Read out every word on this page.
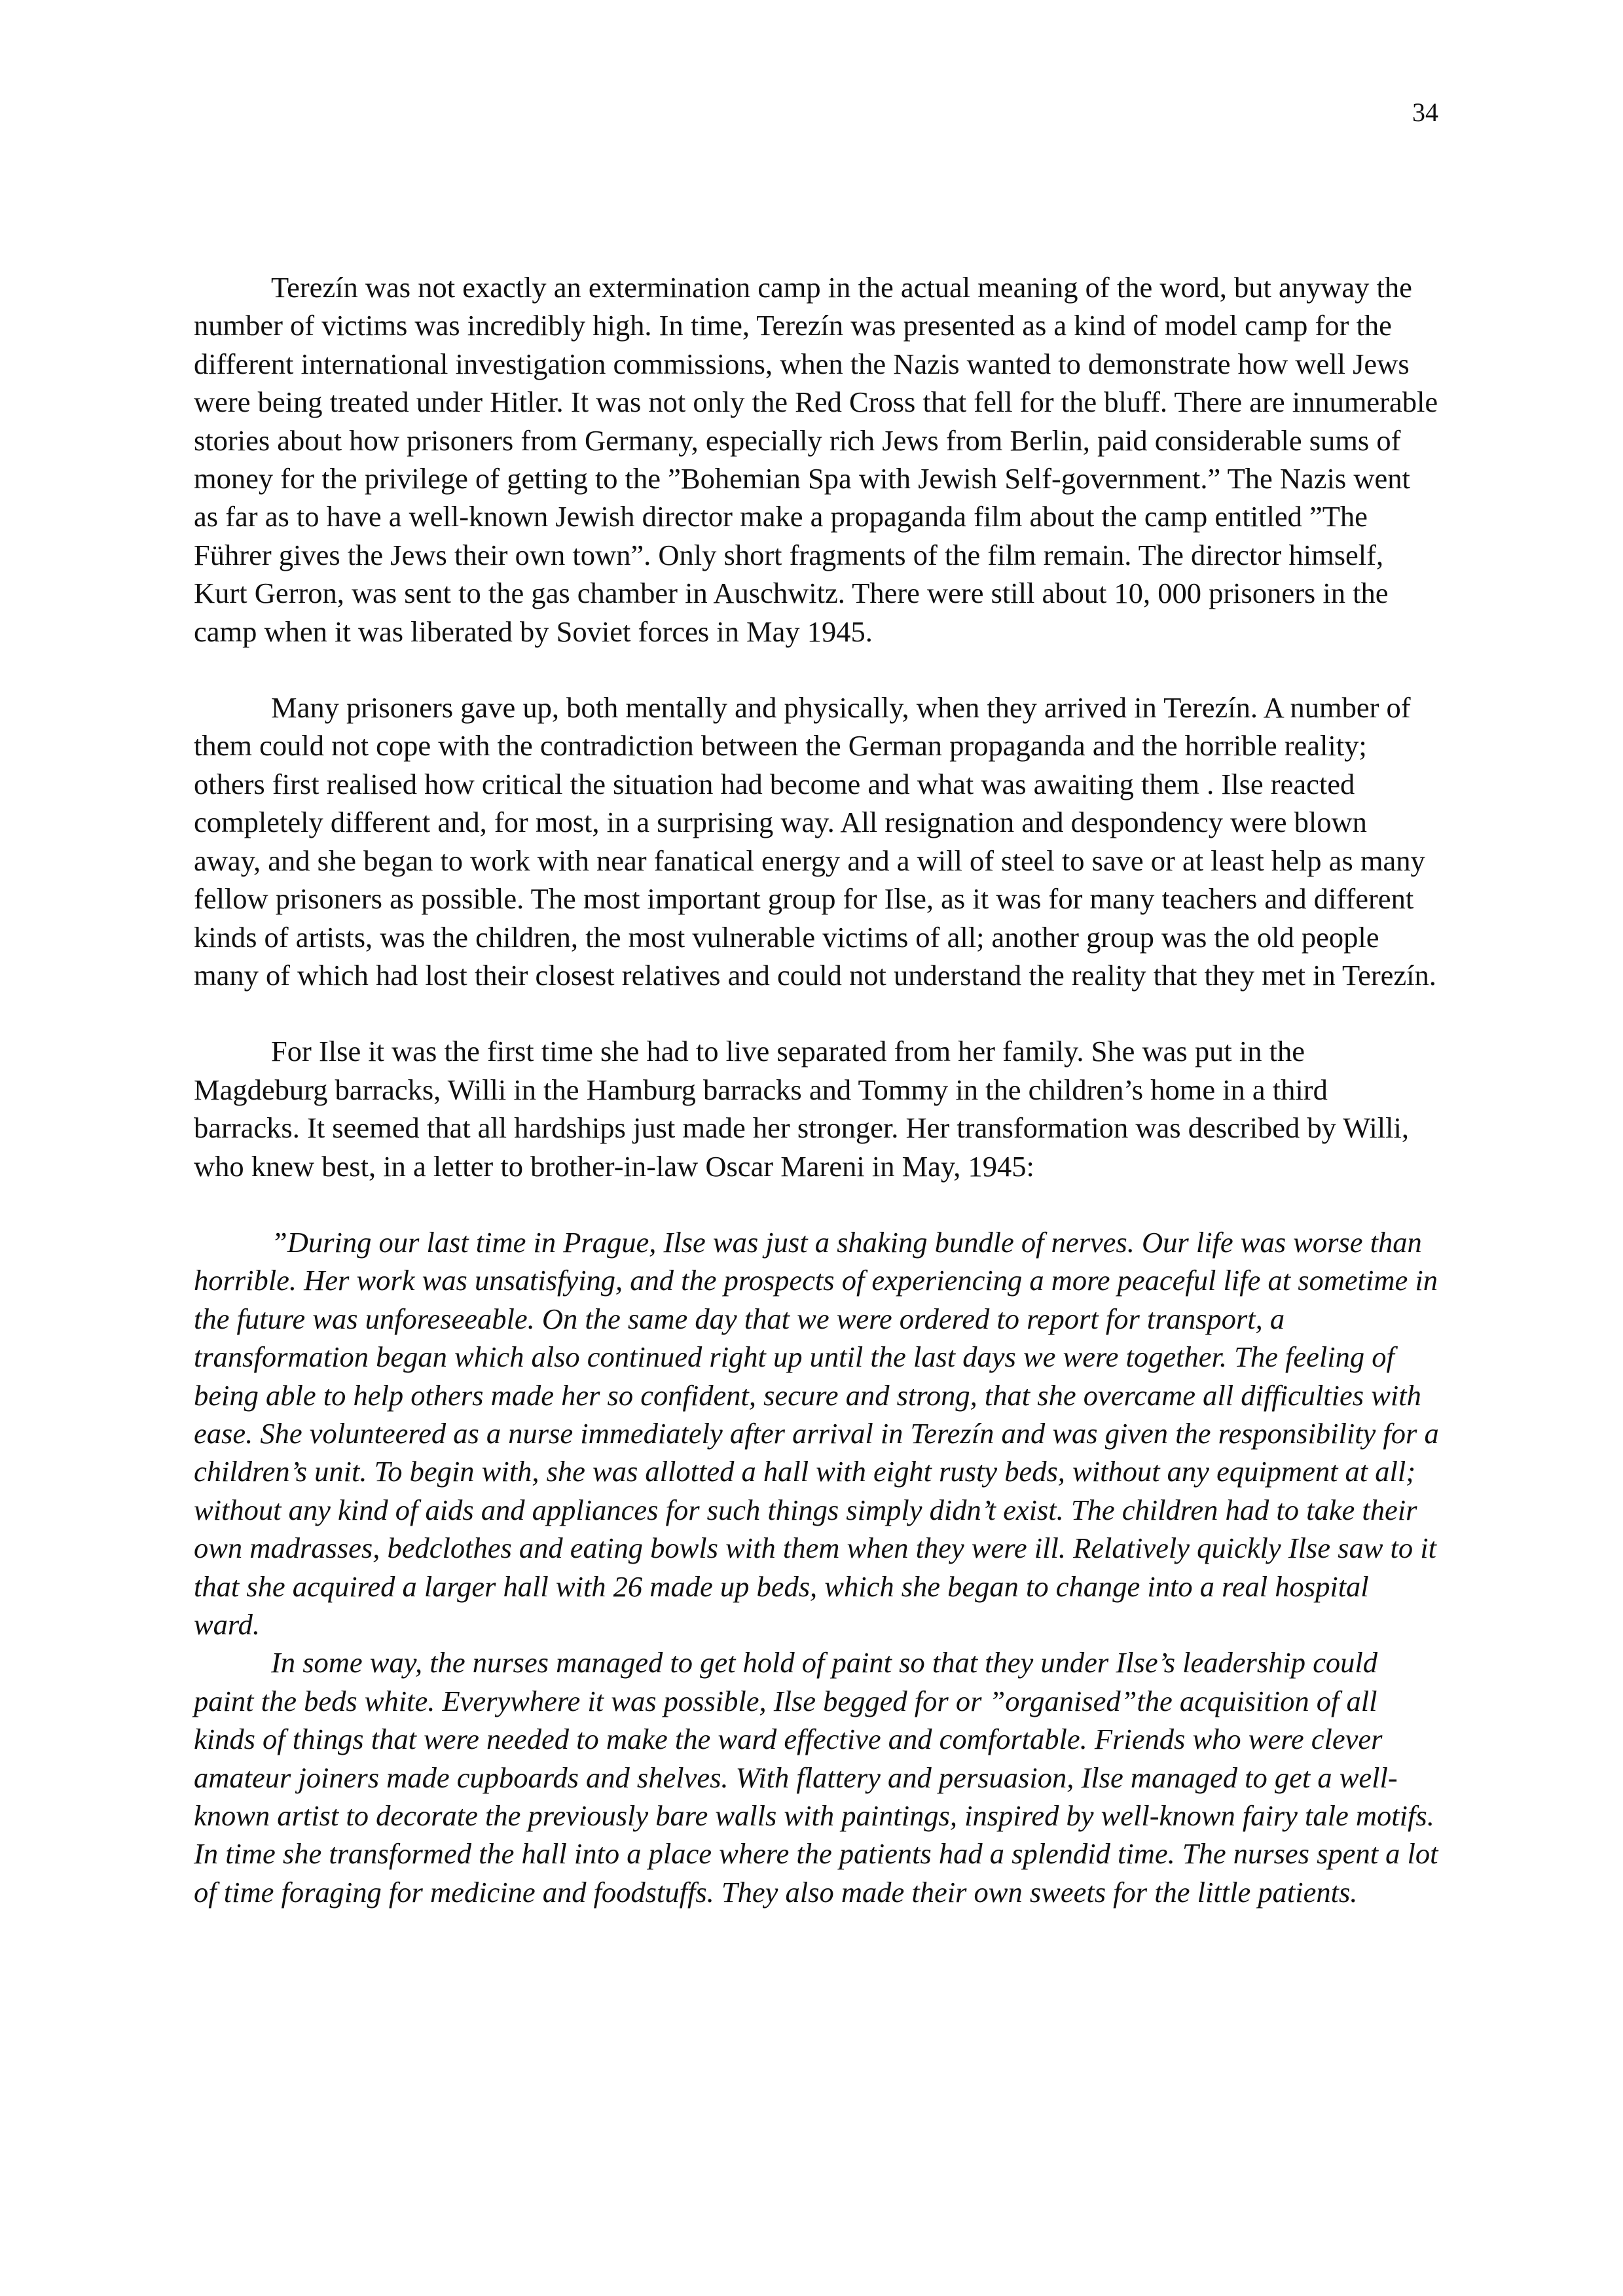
34

Terezín was not exactly an extermination camp in the actual meaning of the word, but anyway the number of victims was incredibly high. In time, Terezín was presented as a kind of model camp for the different international investigation commissions, when the Nazis wanted to demonstrate how well Jews were being treated under Hitler. It was not only the Red Cross that fell for the bluff. There are innumerable stories about how prisoners from Germany, especially rich Jews from Berlin, paid considerable sums of money for the privilege of getting to the ”Bohemian Spa with Jewish Self-government.” The Nazis went as far as to have a well-known Jewish director make a propaganda film about the camp entitled ”The Führer gives the Jews their own town”. Only short fragments of the film remain. The director himself, Kurt Gerron, was sent to the gas chamber in Auschwitz. There were still about 10, 000 prisoners in the camp when it was liberated by Soviet forces in May 1945.

Many prisoners gave up, both mentally and physically, when they arrived in Terezín. A number of them could not cope with the contradiction between the German propaganda and the horrible reality; others first realised how critical the situation had become and what was awaiting them . Ilse reacted completely different and, for most, in a surprising way. All resignation and despondency were blown away, and she began to work with near fanatical energy and a will of steel to save or at least help as many fellow prisoners as possible. The most important group for Ilse, as it was for many teachers and different kinds of artists, was the children, the most vulnerable victims of all; another group was the old people many of which had lost their closest relatives and could not understand the reality that they met in Terezín.

For Ilse it was the first time she had to live separated from her family. She was put in the Magdeburg barracks, Willi in the Hamburg barracks and Tommy in the children’s home in a third barracks. It seemed that all hardships just made her stronger. Her transformation was described by Willi, who knew best, in a letter to brother-in-law Oscar Mareni in May, 1945:

”During our last time in Prague, Ilse was just a shaking bundle of nerves. Our life was worse than horrible. Her work was unsatisfying, and the prospects of experiencing a more peaceful life at sometime in the future was unforeseeable. On the same day that we were ordered to report for transport, a transformation began which also continued right up until the last days we were together. The feeling of being able to help others made her so confident, secure and strong, that she overcame all difficulties with ease. She volunteered as a nurse immediately after arrival in Terezín and was given the responsibility for a children’s unit. To begin with, she was allotted a hall with eight rusty beds, without any equipment at all; without any kind of aids and appliances for such things simply didn’t exist. The children had to take their own madrasses, bedclothes and eating bowls with them when they were ill. Relatively quickly Ilse saw to it that she acquired a larger hall with 26 made up beds, which she began to change into a real hospital ward.

In some way, the nurses managed to get hold of paint so that they under Ilse’s leadership could paint the beds white. Everywhere it was possible, Ilse begged for or ”organised”the acquisition of all kinds of things that were needed to make the ward effective and comfortable. Friends who were clever amateur joiners made cupboards and shelves. With flattery and persuasion, Ilse managed to get a well-known artist to decorate the previously bare walls with paintings, inspired by well-known fairy tale motifs. In time she transformed the hall into a place where the patients had a splendid time. The nurses spent a lot of time foraging for medicine and foodstuffs. They also made their own sweets for the little patients.
